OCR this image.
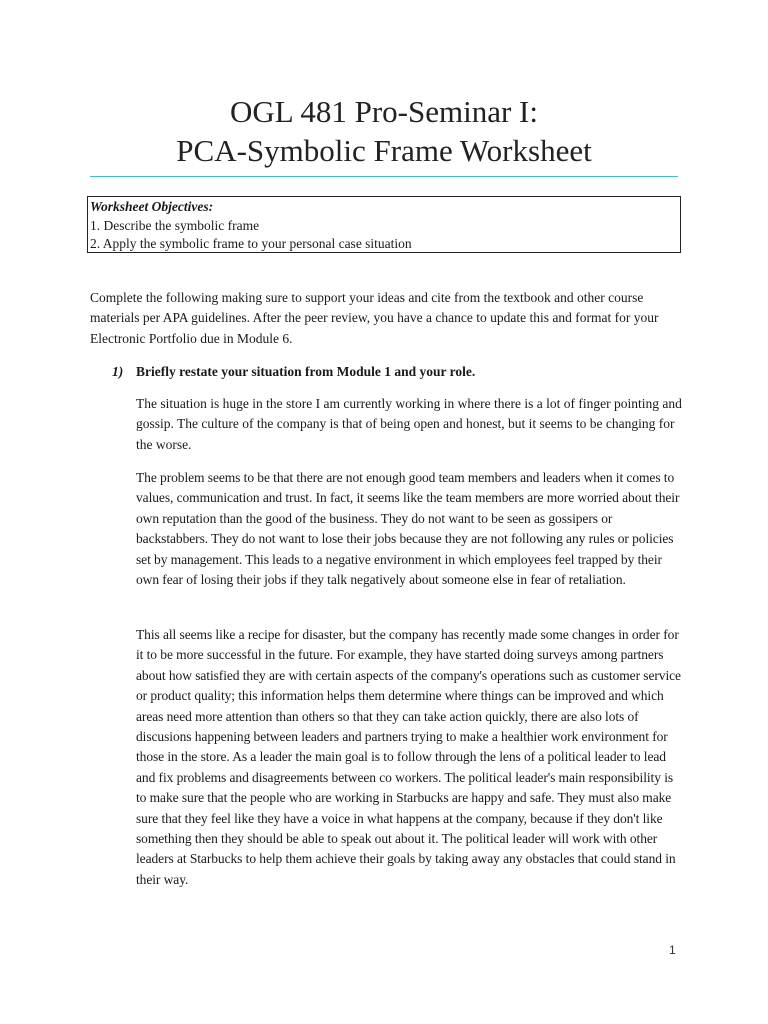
OGL 481 Pro-Seminar I:
PCA-Symbolic Frame Worksheet
Worksheet Objectives:
1. Describe the symbolic frame
2. Apply the symbolic frame to your personal case situation
Complete the following making sure to support your ideas and cite from the textbook and other course materials per APA guidelines. After the peer review, you have a chance to update this and format for your Electronic Portfolio due in Module 6.
1) Briefly restate your situation from Module 1 and your role.
The situation is huge in the store I am currently working in where there is a lot of finger pointing and gossip. The culture of the company is that of being open and honest, but it seems to be changing for the worse.
The problem seems to be that there are not enough good team members and leaders when it comes to values, communication and trust. In fact, it seems like the team members are more worried about their own reputation than the good of the business. They do not want to be seen as gossipers or backstabbers. They do not want to lose their jobs because they are not following any rules or policies set by management. This leads to a negative environment in which employees feel trapped by their own fear of losing their jobs if they talk negatively about someone else in fear of retaliation.
This all seems like a recipe for disaster, but the company has recently made some changes in order for it to be more successful in the future. For example, they have started doing surveys among partners about how satisfied they are with certain aspects of the company's operations such as customer service or product quality; this information helps them determine where things can be improved and which areas need more attention than others so that they can take action quickly, there are also lots of discusions happening between leaders and partners trying to make a healthier work environment for those in the store. As a leader the main goal is to follow through the lens of a political leader to lead and fix problems and disagreements between co workers. The political leader's main responsibility is to make sure that the people who are working in Starbucks are happy and safe. They must also make sure that they feel like they have a voice in what happens at the company, because if they don't like something then they should be able to speak out about it. The political leader will work with other leaders at Starbucks to help them achieve their goals by taking away any obstacles that could stand in their way.
1
